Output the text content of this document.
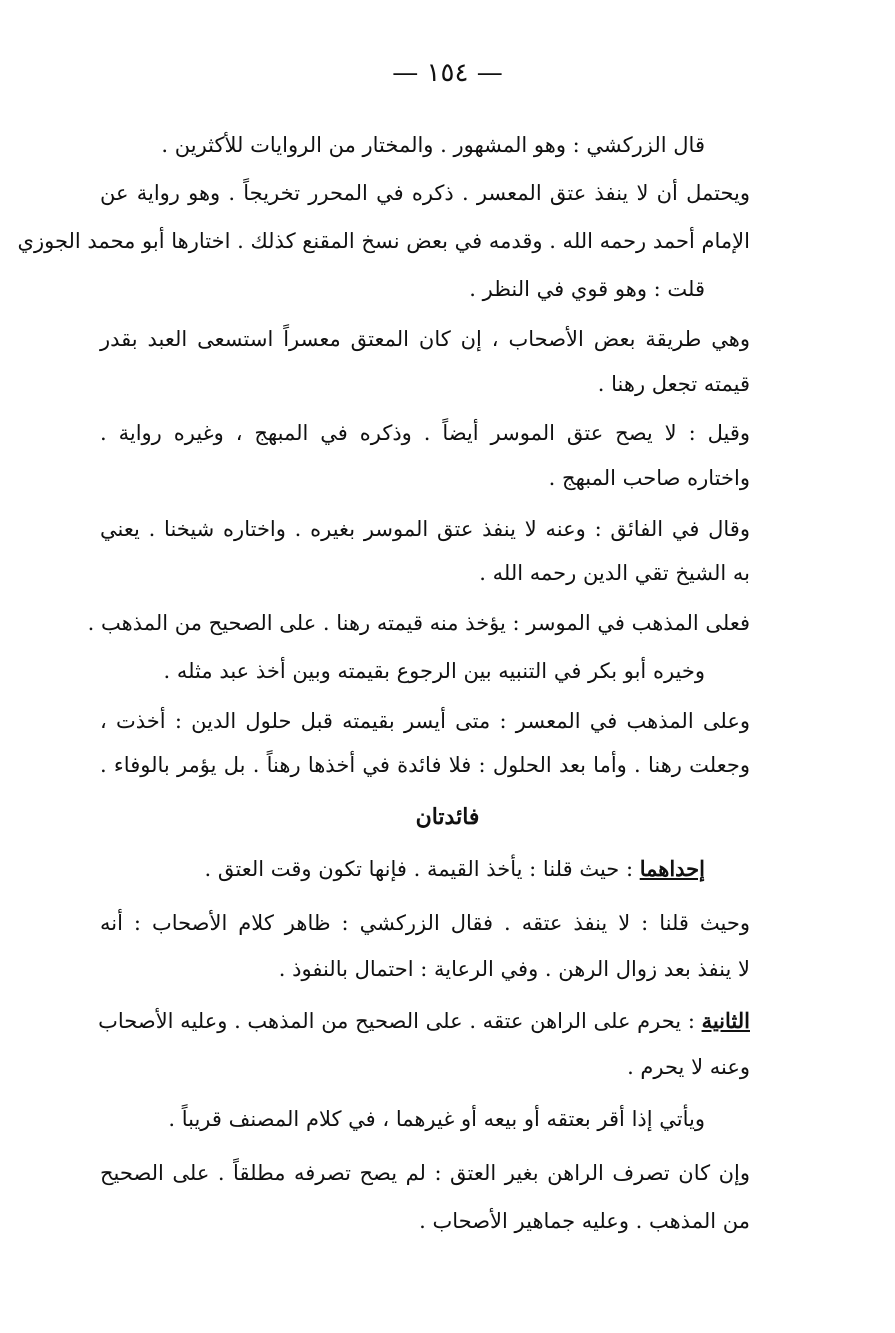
— ١٥٤ —
قال الزركشي : وهو المشهور . والمختار من الروايات للأكثرين .
ويحتمل أن لا ينفذ عتق المعسر . ذكره في المحرر تخريجاً . وهو رواية عن
الإمام أحمد رحمه الله . وقدمه في بعض نسخ المقنع كذلك . اختارها أبو محمد الجوزي
قلت : وهو قوي في النظر .
وهي طريقة بعض الأصحاب ، إن كان المعتق معسراً استسعى العبد بقدر
قيمته تجعل رهنا .
وقيل : لا يصح عتق الموسر أيضاً . وذكره في المبهج ، وغيره رواية .
واختاره صاحب المبهج .
وقال في الفائق : وعنه لا ينفذ عتق الموسر بغيره . واختاره شيخنا . يعني
به الشيخ تقي الدين رحمه الله .
فعلى المذهب في الموسر : يؤخذ منه قيمته رهنا . على الصحيح من المذهب .
وخيره أبو بكر في التنبيه بين الرجوع بقيمته وبين أخذ عبد مثله .
وعلى المذهب في المعسر : متى أيسر بقيمته قبل حلول الدين : أخذت ،
وجعلت رهنا . وأما بعد الحلول : فلا فائدة في أخذها رهناً . بل يؤمر بالوفاء .
فائدتان
إحداهما : حيث قلنا : يأخذ القيمة . فإنها تكون وقت العتق .
وحيث قلنا : لا ينفذ عتقه . فقال الزركشي : ظاهر كلام الأصحاب : أنه
لا ينفذ بعد زوال الرهن . وفي الرعاية : احتمال بالنفوذ .
الثانية : يحرم على الراهن عتقه . على الصحيح من المذهب . وعليه الأصحاب
وعنه لا يحرم .
ويأتي إذا أقر بعتقه أو بيعه أو غيرهما ، في كلام المصنف قريباً .
وإن كان تصرف الراهن بغير العتق : لم يصح تصرفه مطلقاً . على الصحيح
من المذهب . وعليه جماهير الأصحاب .
